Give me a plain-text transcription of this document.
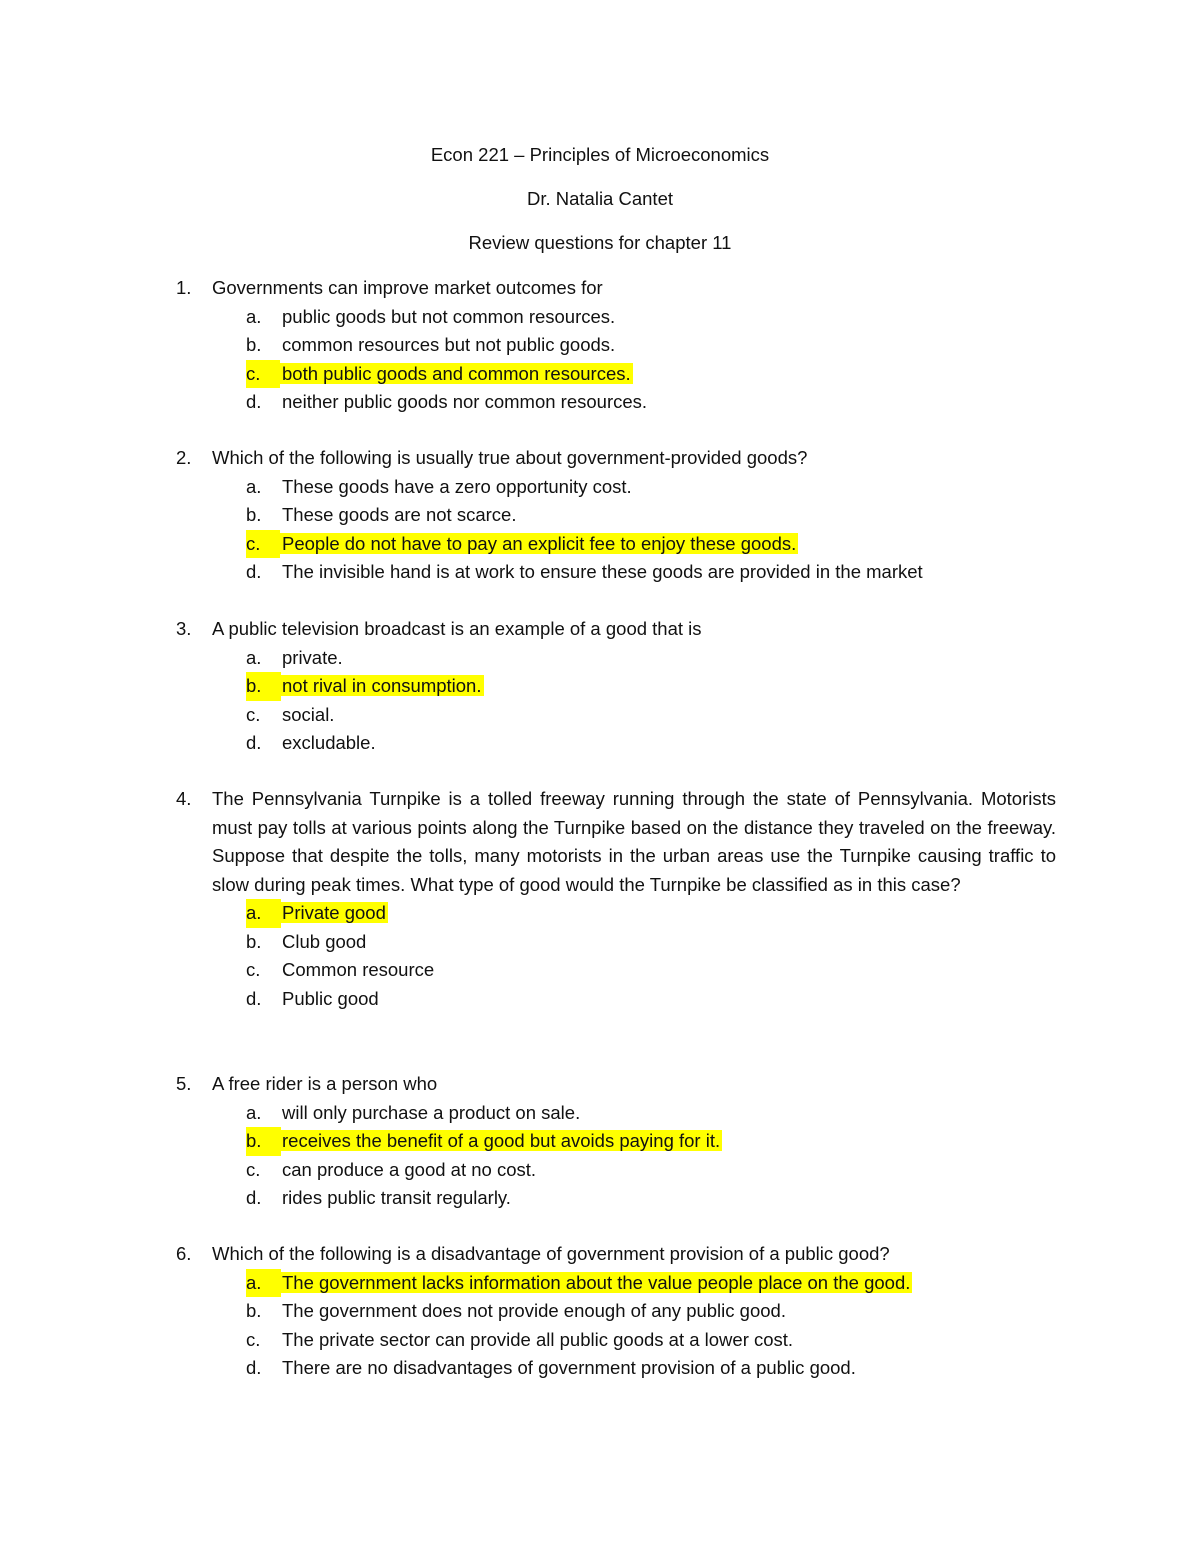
Econ 221 – Principles of Microeconomics
Dr. Natalia Cantet
Review questions for chapter 11
1. Governments can improve market outcomes for
a. public goods but not common resources.
b. common resources but not public goods.
c.	both public goods and common resources.
d. neither public goods nor common resources.
2. Which of the following is usually true about government-provided goods?
a. These goods have a zero opportunity cost.
b. These goods are not scarce.
c.	People do not have to pay an explicit fee to enjoy these goods.
d. The invisible hand is at work to ensure these goods are provided in the market
3. A public television broadcast is an example of a good that is
a. private.
b.	not rival in consumption.
c. social.
d. excludable.
4. The Pennsylvania Turnpike is a tolled freeway running through the state of Pennsylvania. Motorists must pay tolls at various points along the Turnpike based on the distance they traveled on the freeway. Suppose that despite the tolls, many motorists in the urban areas use the Turnpike causing traffic to slow during peak times. What type of good would the Turnpike be classified as in this case?
a.	Private good
b. Club good
c. Common resource
d. Public good
5. A free rider is a person who
a. will only purchase a product on sale.
b.	receives the benefit of a good but avoids paying for it.
c. can produce a good at no cost.
d. rides public transit regularly.
6. Which of the following is a disadvantage of government provision of a public good?
a.	The government lacks information about the value people place on the good.
b. The government does not provide enough of any public good.
c. The private sector can provide all public goods at a lower cost.
d. There are no disadvantages of government provision of a public good.
